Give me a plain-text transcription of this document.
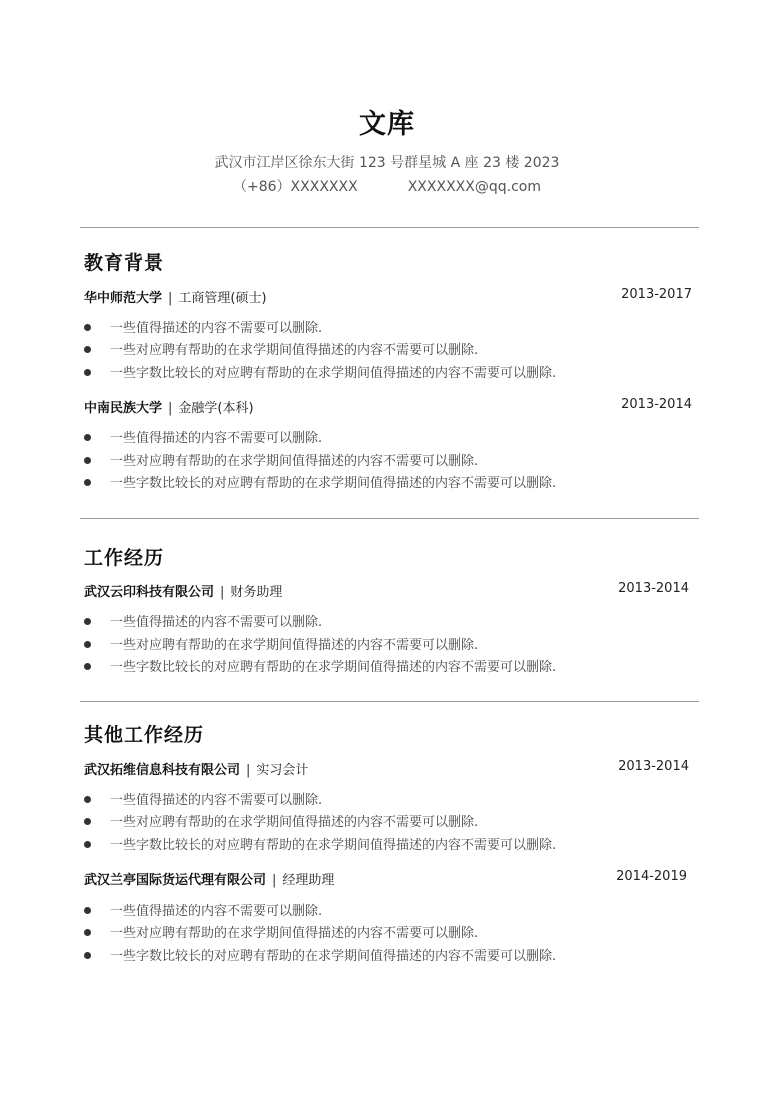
文库
武汉市江岸区徐东大街 123 号群星城 A 座 23 楼 2023
（+86）XXXXXXX	XXXXXXX@qq.com
教育背景
华中师范大学 | 工商管理(硕士)	2013-2017
一些值得描述的内容不需要可以删除.
一些对应聘有帮助的在求学期间值得描述的内容不需要可以删除.
一些字数比较长的对应聘有帮助的在求学期间值得描述的内容不需要可以删除.
中南民族大学 | 金融学(本科)	2013-2014
一些值得描述的内容不需要可以删除.
一些对应聘有帮助的在求学期间值得描述的内容不需要可以删除.
一些字数比较长的对应聘有帮助的在求学期间值得描述的内容不需要可以删除.
工作经历
武汉云印科技有限公司 | 财务助理	2013-2014
一些值得描述的内容不需要可以删除.
一些对应聘有帮助的在求学期间值得描述的内容不需要可以删除.
一些字数比较长的对应聘有帮助的在求学期间值得描述的内容不需要可以删除.
其他工作经历
武汉拓维信息科技有限公司 | 实习会计	2013-2014
一些值得描述的内容不需要可以删除.
一些对应聘有帮助的在求学期间值得描述的内容不需要可以删除.
一些字数比较长的对应聘有帮助的在求学期间值得描述的内容不需要可以删除.
武汉兰亭国际货运代理有限公司 | 经理助理	2014-2019
一些值得描述的内容不需要可以删除.
一些对应聘有帮助的在求学期间值得描述的内容不需要可以删除.
一些字数比较长的对应聘有帮助的在求学期间值得描述的内容不需要可以删除.
